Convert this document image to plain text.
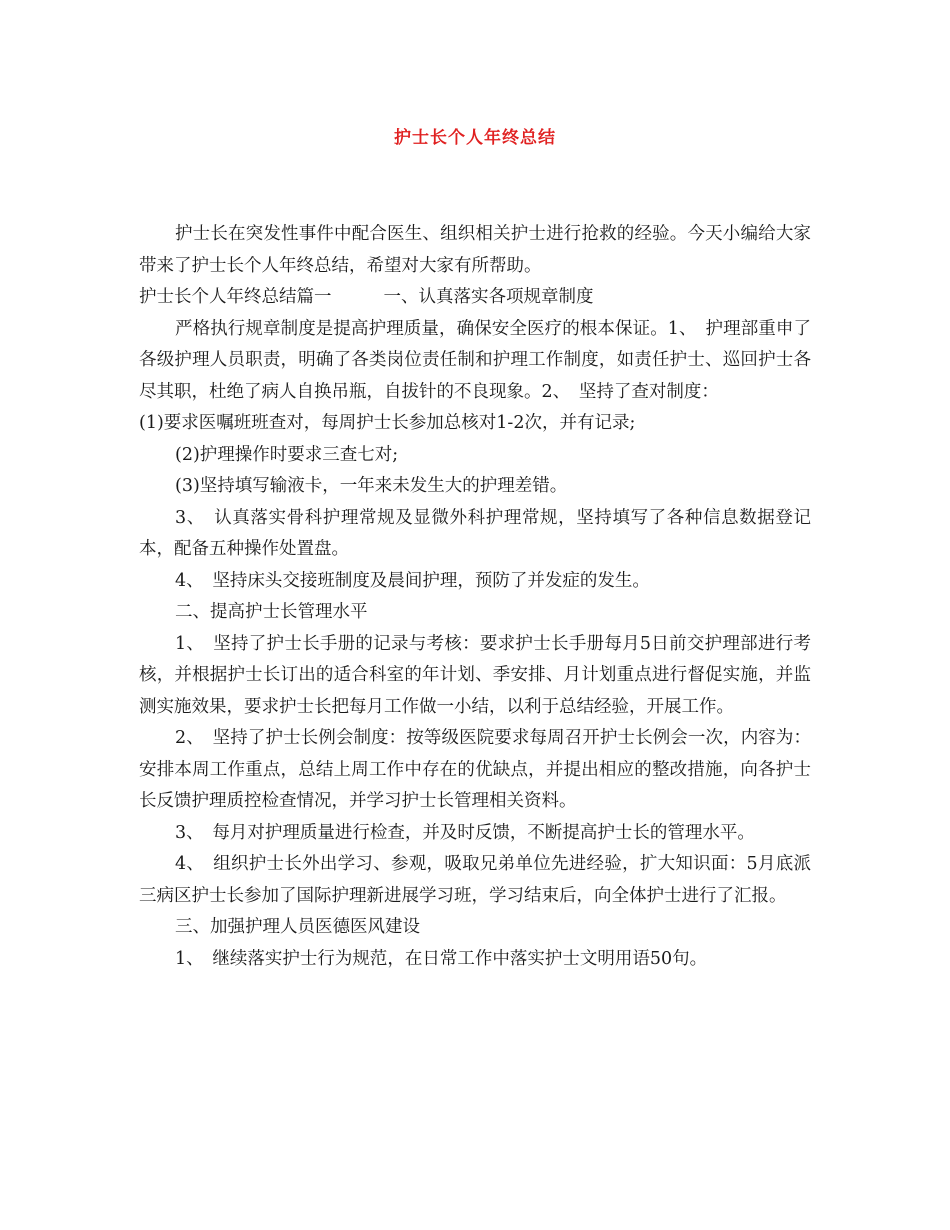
护士长个人年终总结

护士长在突发性事件中配合医生、组织相关护士进行抢救的经验。今天小编给大家带来了护士长个人年终总结，希望对大家有所帮助。

护士长个人年终总结篇一	一、认真落实各项规章制度

严格执行规章制度是提高护理质量，确保安全医疗的根本保证。1、　护理部重申了各级护理人员职责，明确了各类岗位责任制和护理工作制度，如责任护士、巡回护士各尽其职，杜绝了病人自换吊瓶，自拔针的不良现象。2、　坚持了查对制度：

(1)要求医嘱班班查对，每周护士长参加总核对1-2次，并有记录;

(2)护理操作时要求三查七对;

(3)坚持填写输液卡，一年来未发生大的护理差错。

3、　认真落实骨科护理常规及显微外科护理常规，坚持填写了各种信息数据登记本，配备五种操作处置盘。

4、　坚持床头交接班制度及晨间护理，预防了并发症的发生。

二、提高护士长管理水平

1、　坚持了护士长手册的记录与考核：要求护士长手册每月5日前交护理部进行考核，并根据护士长订出的适合科室的年计划、季安排、月计划重点进行督促实施，并监测实施效果，要求护士长把每月工作做一小结，以利于总结经验，开展工作。

2、　坚持了护士长例会制度：按等级医院要求每周召开护士长例会一次，内容为：安排本周工作重点，总结上周工作中存在的优缺点，并提出相应的整改措施，向各护士长反馈护理质控检查情况，并学习护士长管理相关资料。

3、　每月对护理质量进行检查，并及时反馈，不断提高护士长的管理水平。

4、　组织护士长外出学习、参观，吸取兄弟单位先进经验，扩大知识面：5月底派三病区护士长参加了国际护理新进展学习班，学习结束后，向全体护士进行了汇报。

三、加强护理人员医德医风建设

1、　继续落实护士行为规范，在日常工作中落实护士文明用语50句。
